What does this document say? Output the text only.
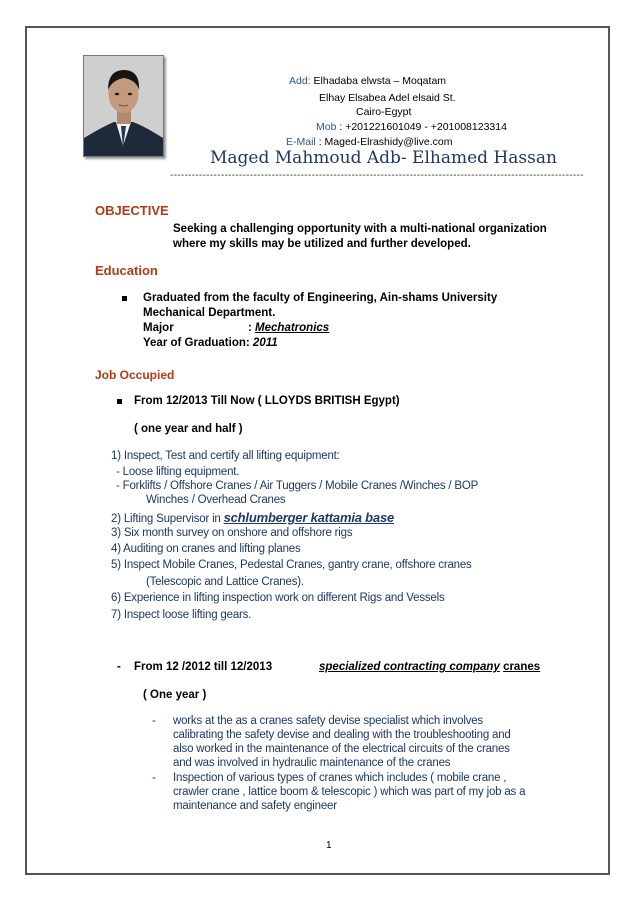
Add: Elhadaba elwsta – Moqatam
Elhay Elsabea Adel elsaid St.
Cairo-Egypt
Mob : +201221601049 - +201008123314
E-Mail : Maged-Elrashidy@live.com
Maged Mahmoud Adb- Elhamed Hassan
------------------------------------------------------------------------------------------------------------------
OBJECTIVE
Seeking a challenging opportunity with a multi-national organization
where my skills may be utilized and further developed.
Education
Graduated from the faculty of Engineering, Ain-shams University
Mechanical Department.
Major	: Mechatronics
Year of Graduation: 2011
Job Occupied
From 12/2013 Till Now ( LLOYDS BRITISH Egypt)
( one year and half )
1) Inspect, Test and certify all lifting equipment:
- Loose lifting equipment.
- Forklifts / Offshore Cranes / Air Tuggers / Mobile Cranes /Winches / BOP
Winches / Overhead Cranes
2) Lifting Supervisor in schlumberger kattamia base
3) Six month survey on onshore and offshore rigs
4) Auditing on cranes and lifting planes
5) Inspect Mobile Cranes, Pedestal Cranes, gantry crane, offshore cranes
(Telescopic and Lattice Cranes).
6) Experience in lifting inspection work on different Rigs and Vessels
7) Inspect loose lifting gears.
- From 12 /2012 till 12/2013	specialized contracting company cranes
( One year )
- works at the as a cranes safety devise specialist which involves
calibrating the safety devise and dealing with the troubleshooting and
also worked in the maintenance of the electrical circuits of the cranes
and was involved in hydraulic maintenance of the cranes
- Inspection of various types of cranes which includes ( mobile crane ,
crawler crane , lattice boom & telescopic ) which was part of my job as a
maintenance and safety engineer
1
